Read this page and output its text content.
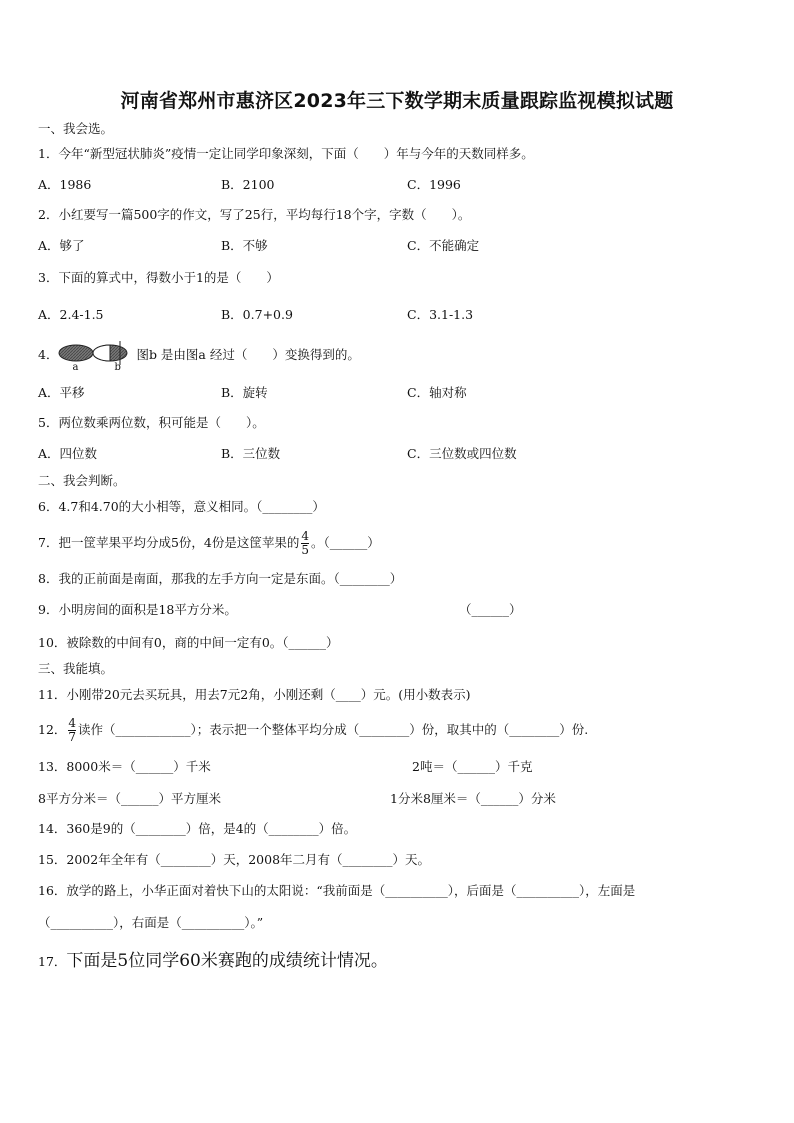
河南省郑州市惠济区2023年三下数学期末质量跟踪监视模拟试题
一、我会选。
1．今年“新型冠状肺炎”疫情一定让同学印象深刻，下面（　　）年与今年的天数同样多。
A．1986	B．2100	C．1996
2．小红要写一篇500字的作文，写了25行，平均每行18个字，字数（　　）。
A．够了	B．不够	C．不能确定
3．下面的算式中，得数小于1的是（　　）
A．2.4-1.5	B．0.7+0.9	C．3.1-1.3
4．
a	b
图b 是由图a 经过（　　）变换得到的。
A．平移	B．旋转	C．轴对称
5．两位数乘两位数，积可能是（　　）。
A．四位数	B．三位数	C．三位数或四位数
二、我会判断。
6．4.7和4.70的大小相等，意义相同。（________）
7．把一筐苹果平均分成5份，4份是这筐苹果的 $\frac{4}{5}$ 。（______）
8．我的正前面是南面，那我的左手方向一定是东面。（________）
9．小明房间的面积是18平方分米。	（______）
10．被除数的中间有0，商的中间一定有0。（______）
三、我能填。
11．小刚带20元去买玩具，用去7元2角，小刚还剩（____）元。(用小数表示)
12． $\frac{4}{7}$ 读作（____________）；表示把一个整体平均分成（________）份，取其中的（________）份.
13．8000米＝（______）千米	2吨＝（______）千克
8平方分米＝（______）平方厘米	1分米8厘米＝（______）分米
14．360是9的（________）倍，是4的（________）倍。
15．2002年全年有（________）天，2008年二月有（________）天。
16．放学的路上，小华正面对着快下山的太阳说：“我前面是（__________），后面是（__________），左面是
（__________），右面是（__________）。”
17．下面是5位同学60米赛跑的成绩统计情况。
